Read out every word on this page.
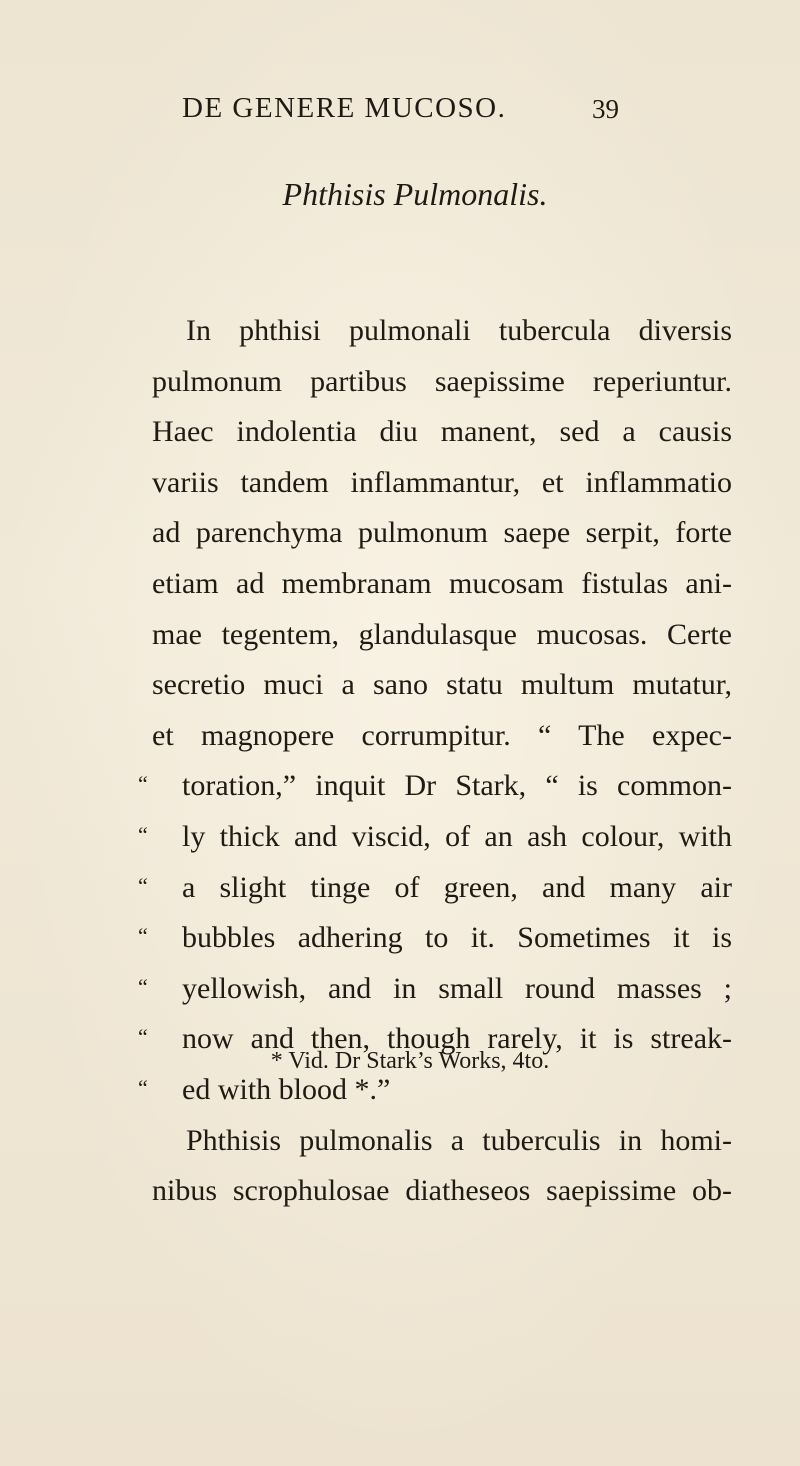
DE GENERE MUCOSO.	39
Phthisis Pulmonalis.
In phthisi pulmonali tubercula diversis
pulmonum partibus saepissime reperiuntur.
Haec indolentia diu manent, sed a causis
variis tandem inflammantur, et inflammatio
ad parenchyma pulmonum saepe serpit, forte
etiam ad membranam mucosam fistulas ani-
mae tegentem, glandulasque mucosas. Certe
secretio muci a sano statu multum mutatur,
et magnopere corrumpitur. “ The expec-
“ toration,” inquit Dr Stark, “ is common-
“ ly thick and viscid, of an ash colour, with
“ a slight tinge of green, and many air
“ bubbles adhering to it. Sometimes it is
“ yellowish, and in small round masses ;
“ now and then, though rarely, it is streak-
“ ed with blood *.”
Phthisis pulmonalis a tuberculis in homi-
nibus scrophulosae diatheseos saepissime ob-
* Vid. Dr Stark’s Works, 4to.
